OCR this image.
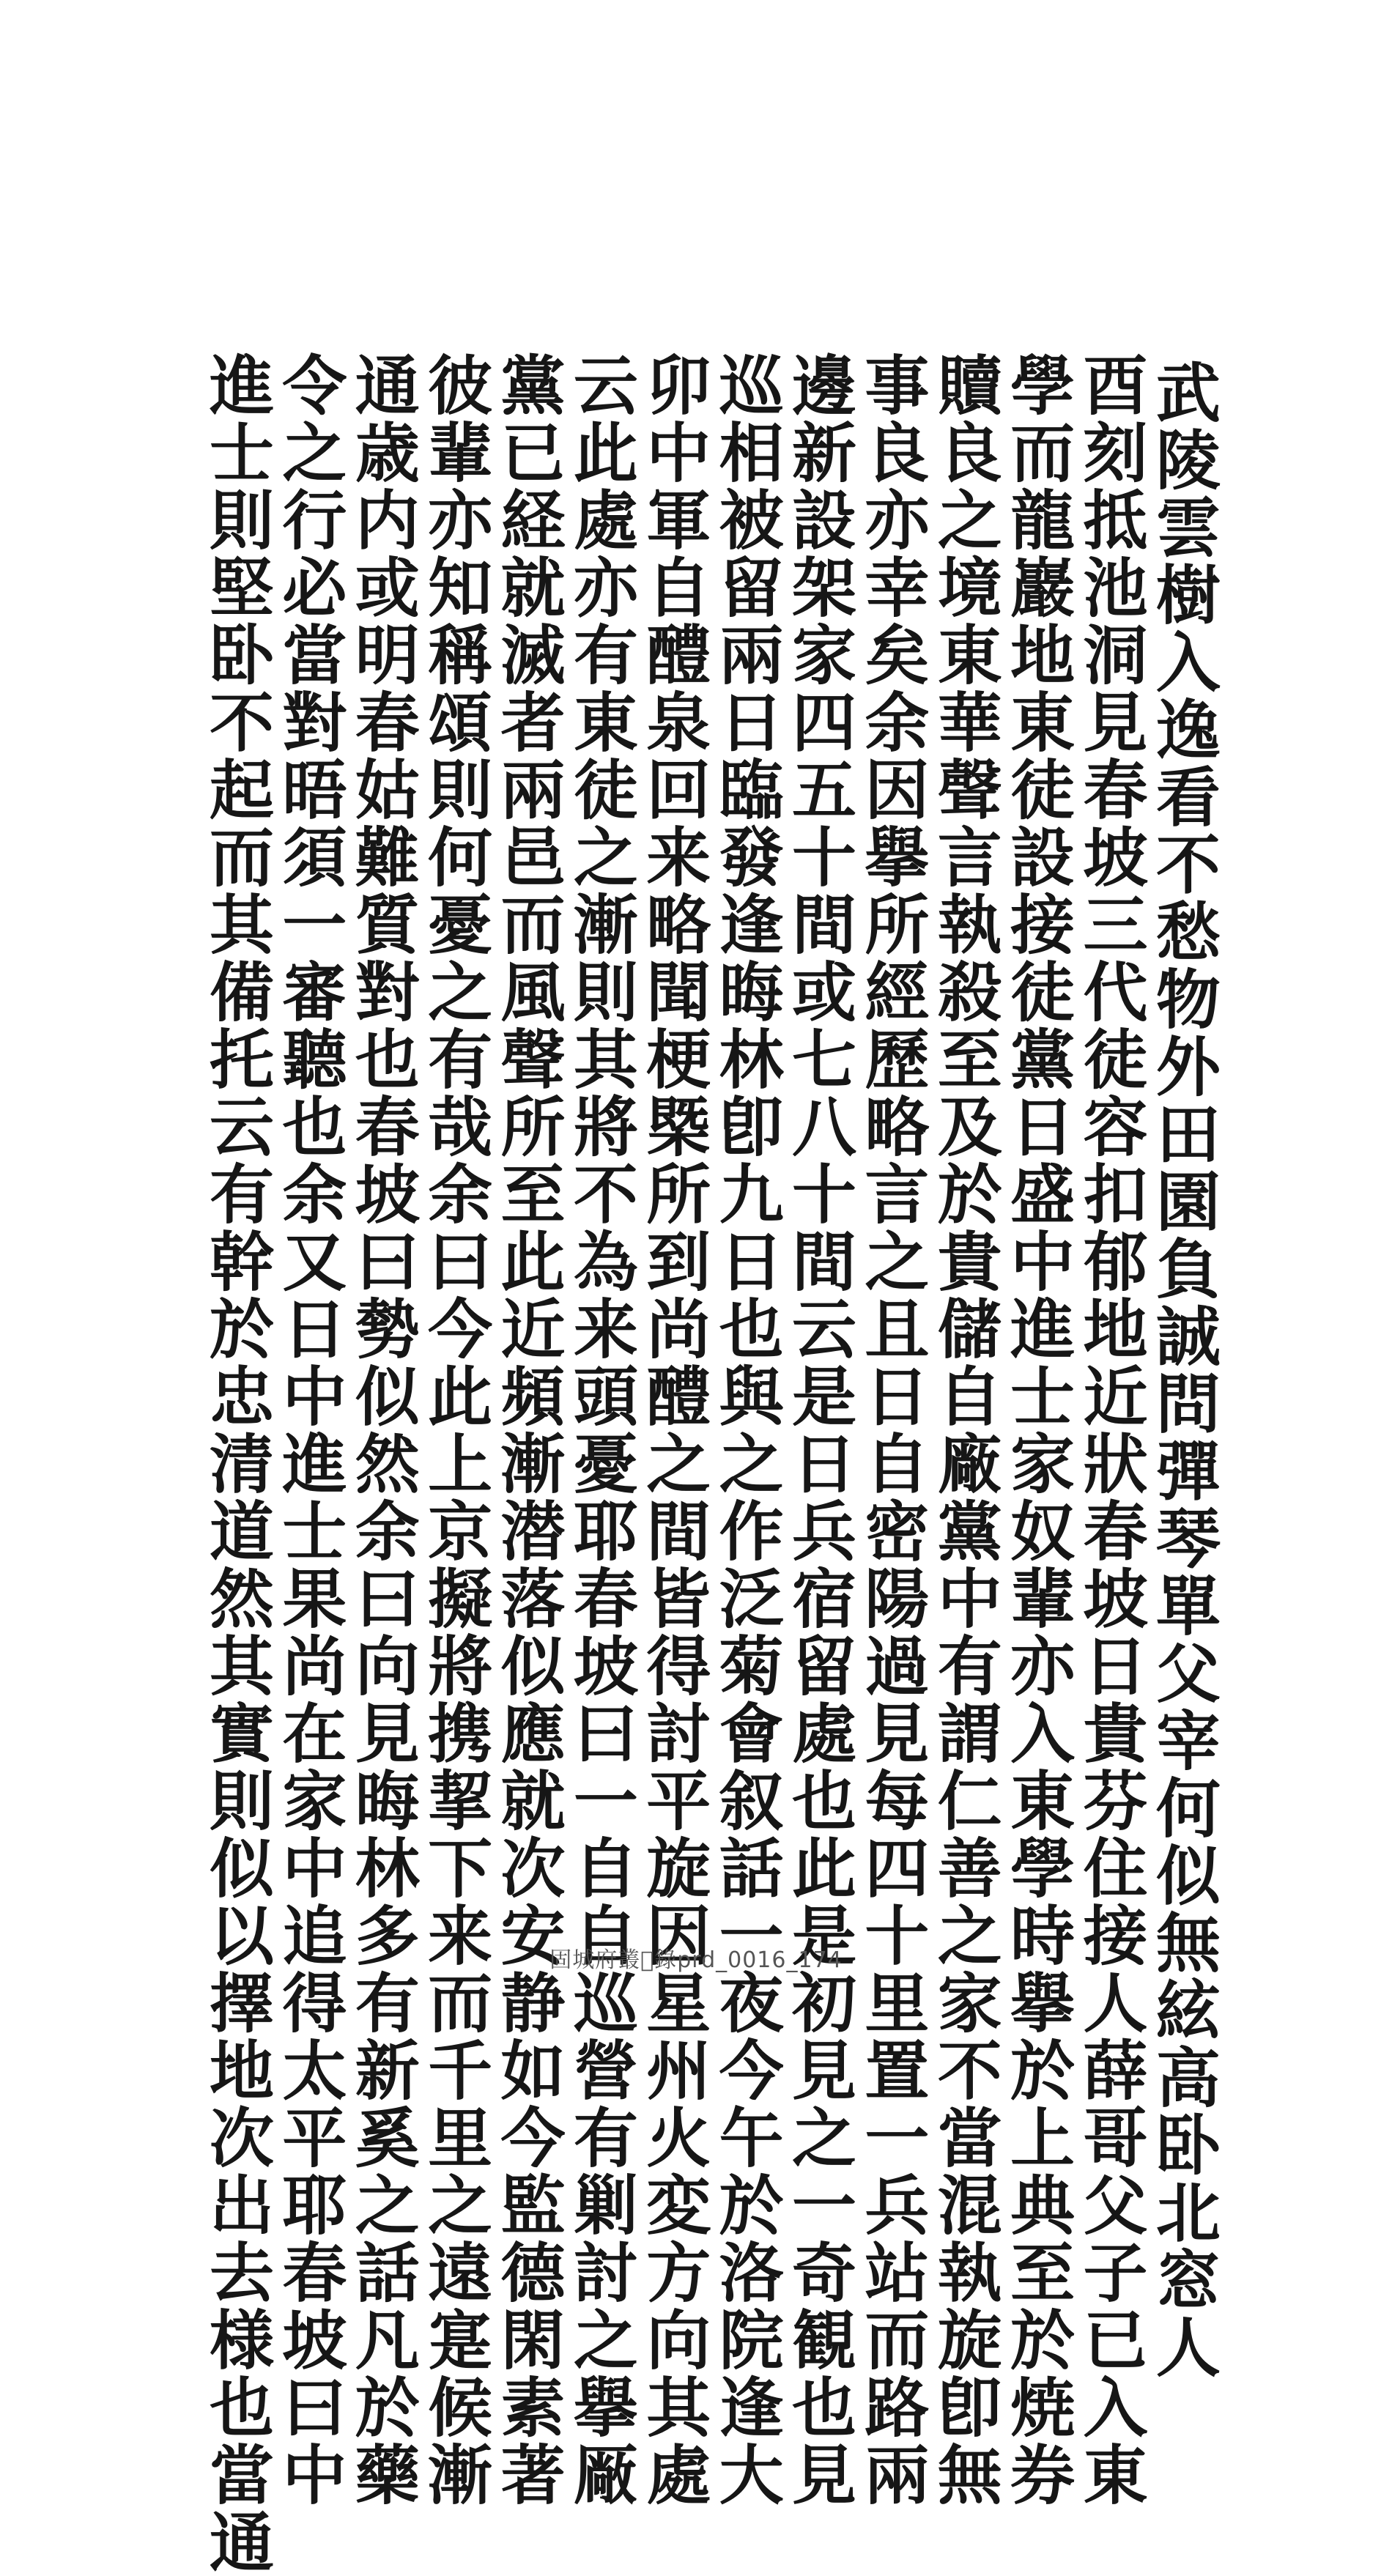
武陵雲樹入逸看不愁物外田園負誠問彈琴單父宰何似無絃高卧北窓人
酉刻抵池洞見春坡三代徒容扣郁地近狀春坡日貴芬住接人薛哥父子已入東
學而龍巖地東徒設接徒黨日盛中進士家奴輩亦入東學時擧於上典至於焼券
贖良之境東華聲言執殺至及於貴儲自廠黨中有謂仁善之家不當混執旋卽無
事良亦幸矣余因擧所經歷略言之且日自密陽過見每四十里置一兵站而路兩
邊新設架家四五十間或七八十間云是日兵宿留處也此是初見之一奇観也見
巡相被留兩日臨發逢晦林卽九日也與之作泛菊會叙話一夜今午於洛院逢大
卯中軍自醴泉回来略聞梗槩所到尚醴之間皆得討平旋因星州火変方向其處
云此處亦有東徒之漸則其將不為来頭憂耶春坡曰一自自巡營有剿討之擧厰
黨已経就滅者兩邑而風聲所至此近頻漸潜落似應就次安静如今監德閑素著
彼輩亦知稱頌則何憂之有哉余曰今此上京擬將携挈下来而千里之遠寔候漸
通歳内或明春姑難質對也春坡曰勢似然余曰向見晦林多有新奚之話凡於藥
令之行必當對晤須一審聽也余又日中進士果尚在家中追得太平耶春坡曰中
進士則堅卧不起而其備托云有幹於忠清道然其實則似以擇地次出去様也當通	固城府叢𥘘錄prd_0016_174
